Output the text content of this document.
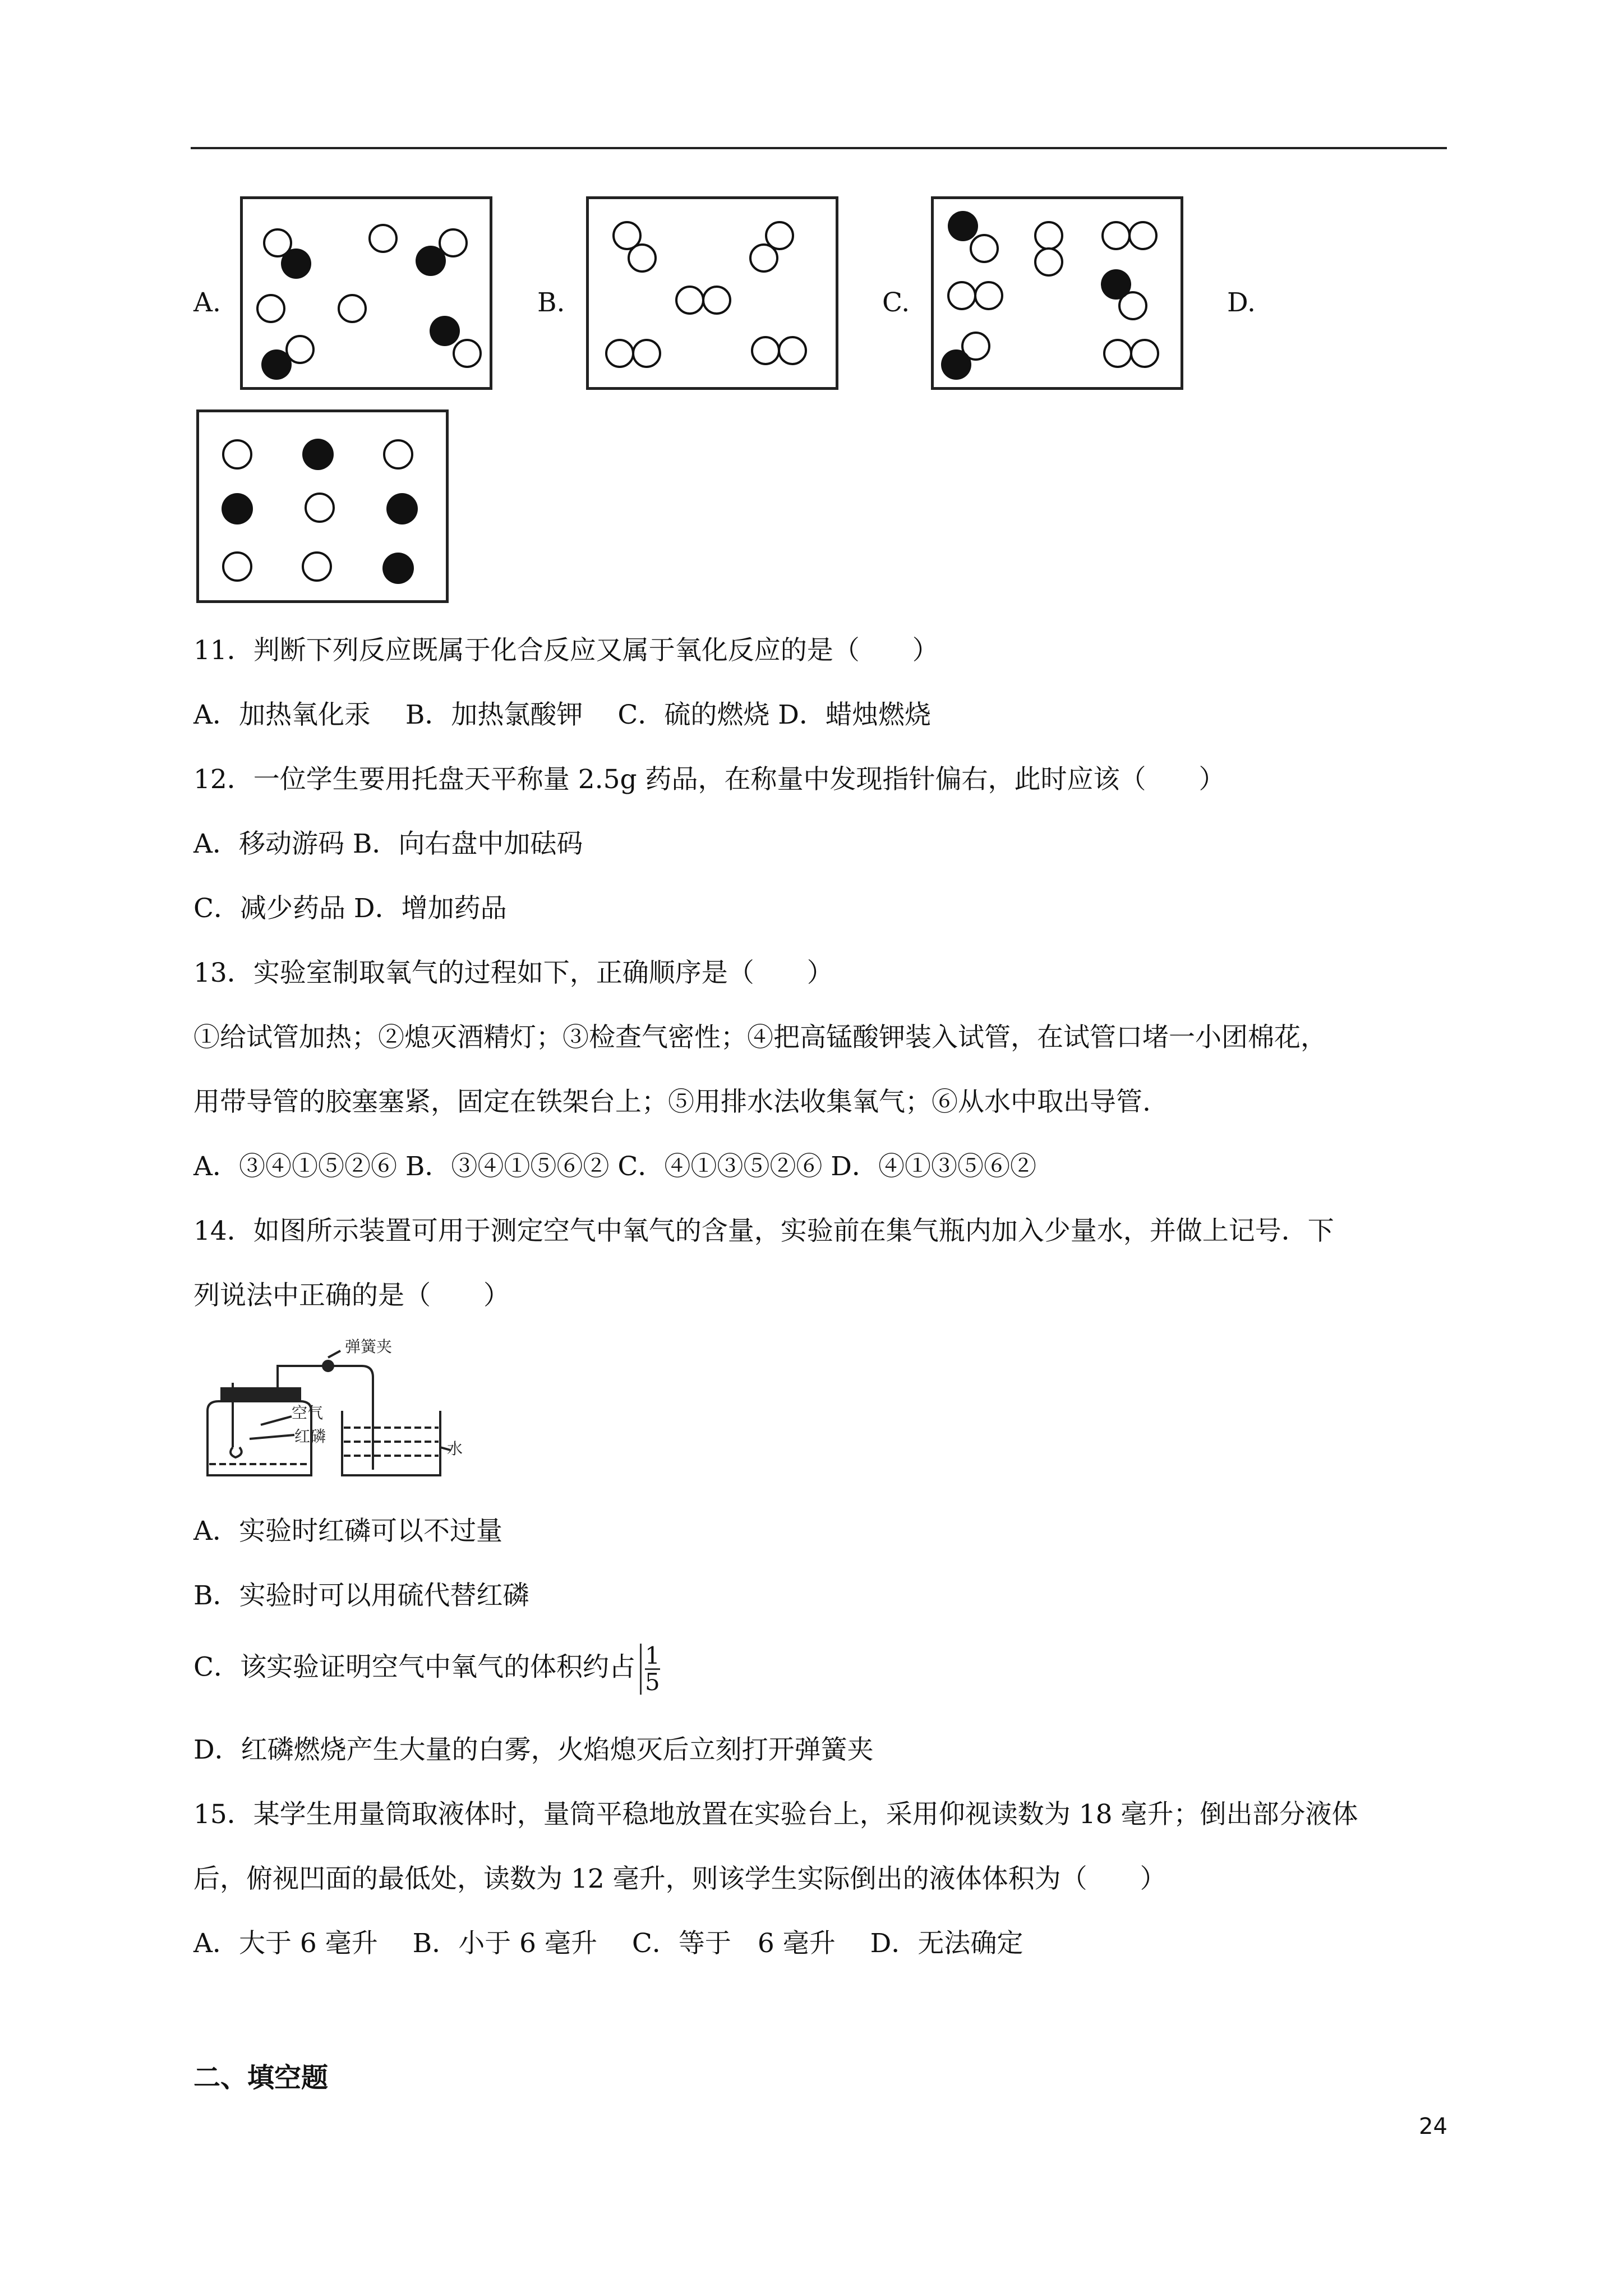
A.	B.	C.	D.
11．判断下列反应既属于化合反应又属于氧化反应的是（　　）
A．加热氧化汞　 B．加热氯酸钾　 C．硫的燃烧 D．蜡烛燃烧
12．一位学生要用托盘天平称量 2.5g 药品，在称量中发现指针偏右，此时应该（　　）
A．移动游码 B．向右盘中加砝码
C．减少药品 D．增加药品
13．实验室制取氧气的过程如下，正确顺序是（　　）
①给试管加热；②熄灭酒精灯；③检查气密性；④把高锰酸钾装入试管，在试管口堵一小团棉花，
用带导管的胶塞塞紧，固定在铁架台上；⑤用排水法收集氧气；⑥从水中取出导管.
A．③④①⑤②⑥ B．③④①⑤⑥② C．④①③⑤②⑥ D．④①③⑤⑥②
14．如图所示装置可用于测定空气中氧气的含量，实验前在集气瓶内加入少量水，并做上记号．下
列说法中正确的是（　　）
弹簧夹
空气
红磷
水
A．实验时红磷可以不过量
B．实验时可以用硫代替红磷
C．该实验证明空气中氧气的体积约占 $\frac{1}{5}$
D．红磷燃烧产生大量的白雾，火焰熄灭后立刻打开弹簧夹
15．某学生用量筒取液体时，量筒平稳地放置在实验台上，采用仰视读数为 18 毫升；倒出部分液体
后，俯视凹面的最低处，读数为 12 毫升，则该学生实际倒出的液体体积为（　　）
A．大于 6 毫升　 B．小于 6 毫升　 C．等于　6 毫升　 D．无法确定
二、填空题
24
